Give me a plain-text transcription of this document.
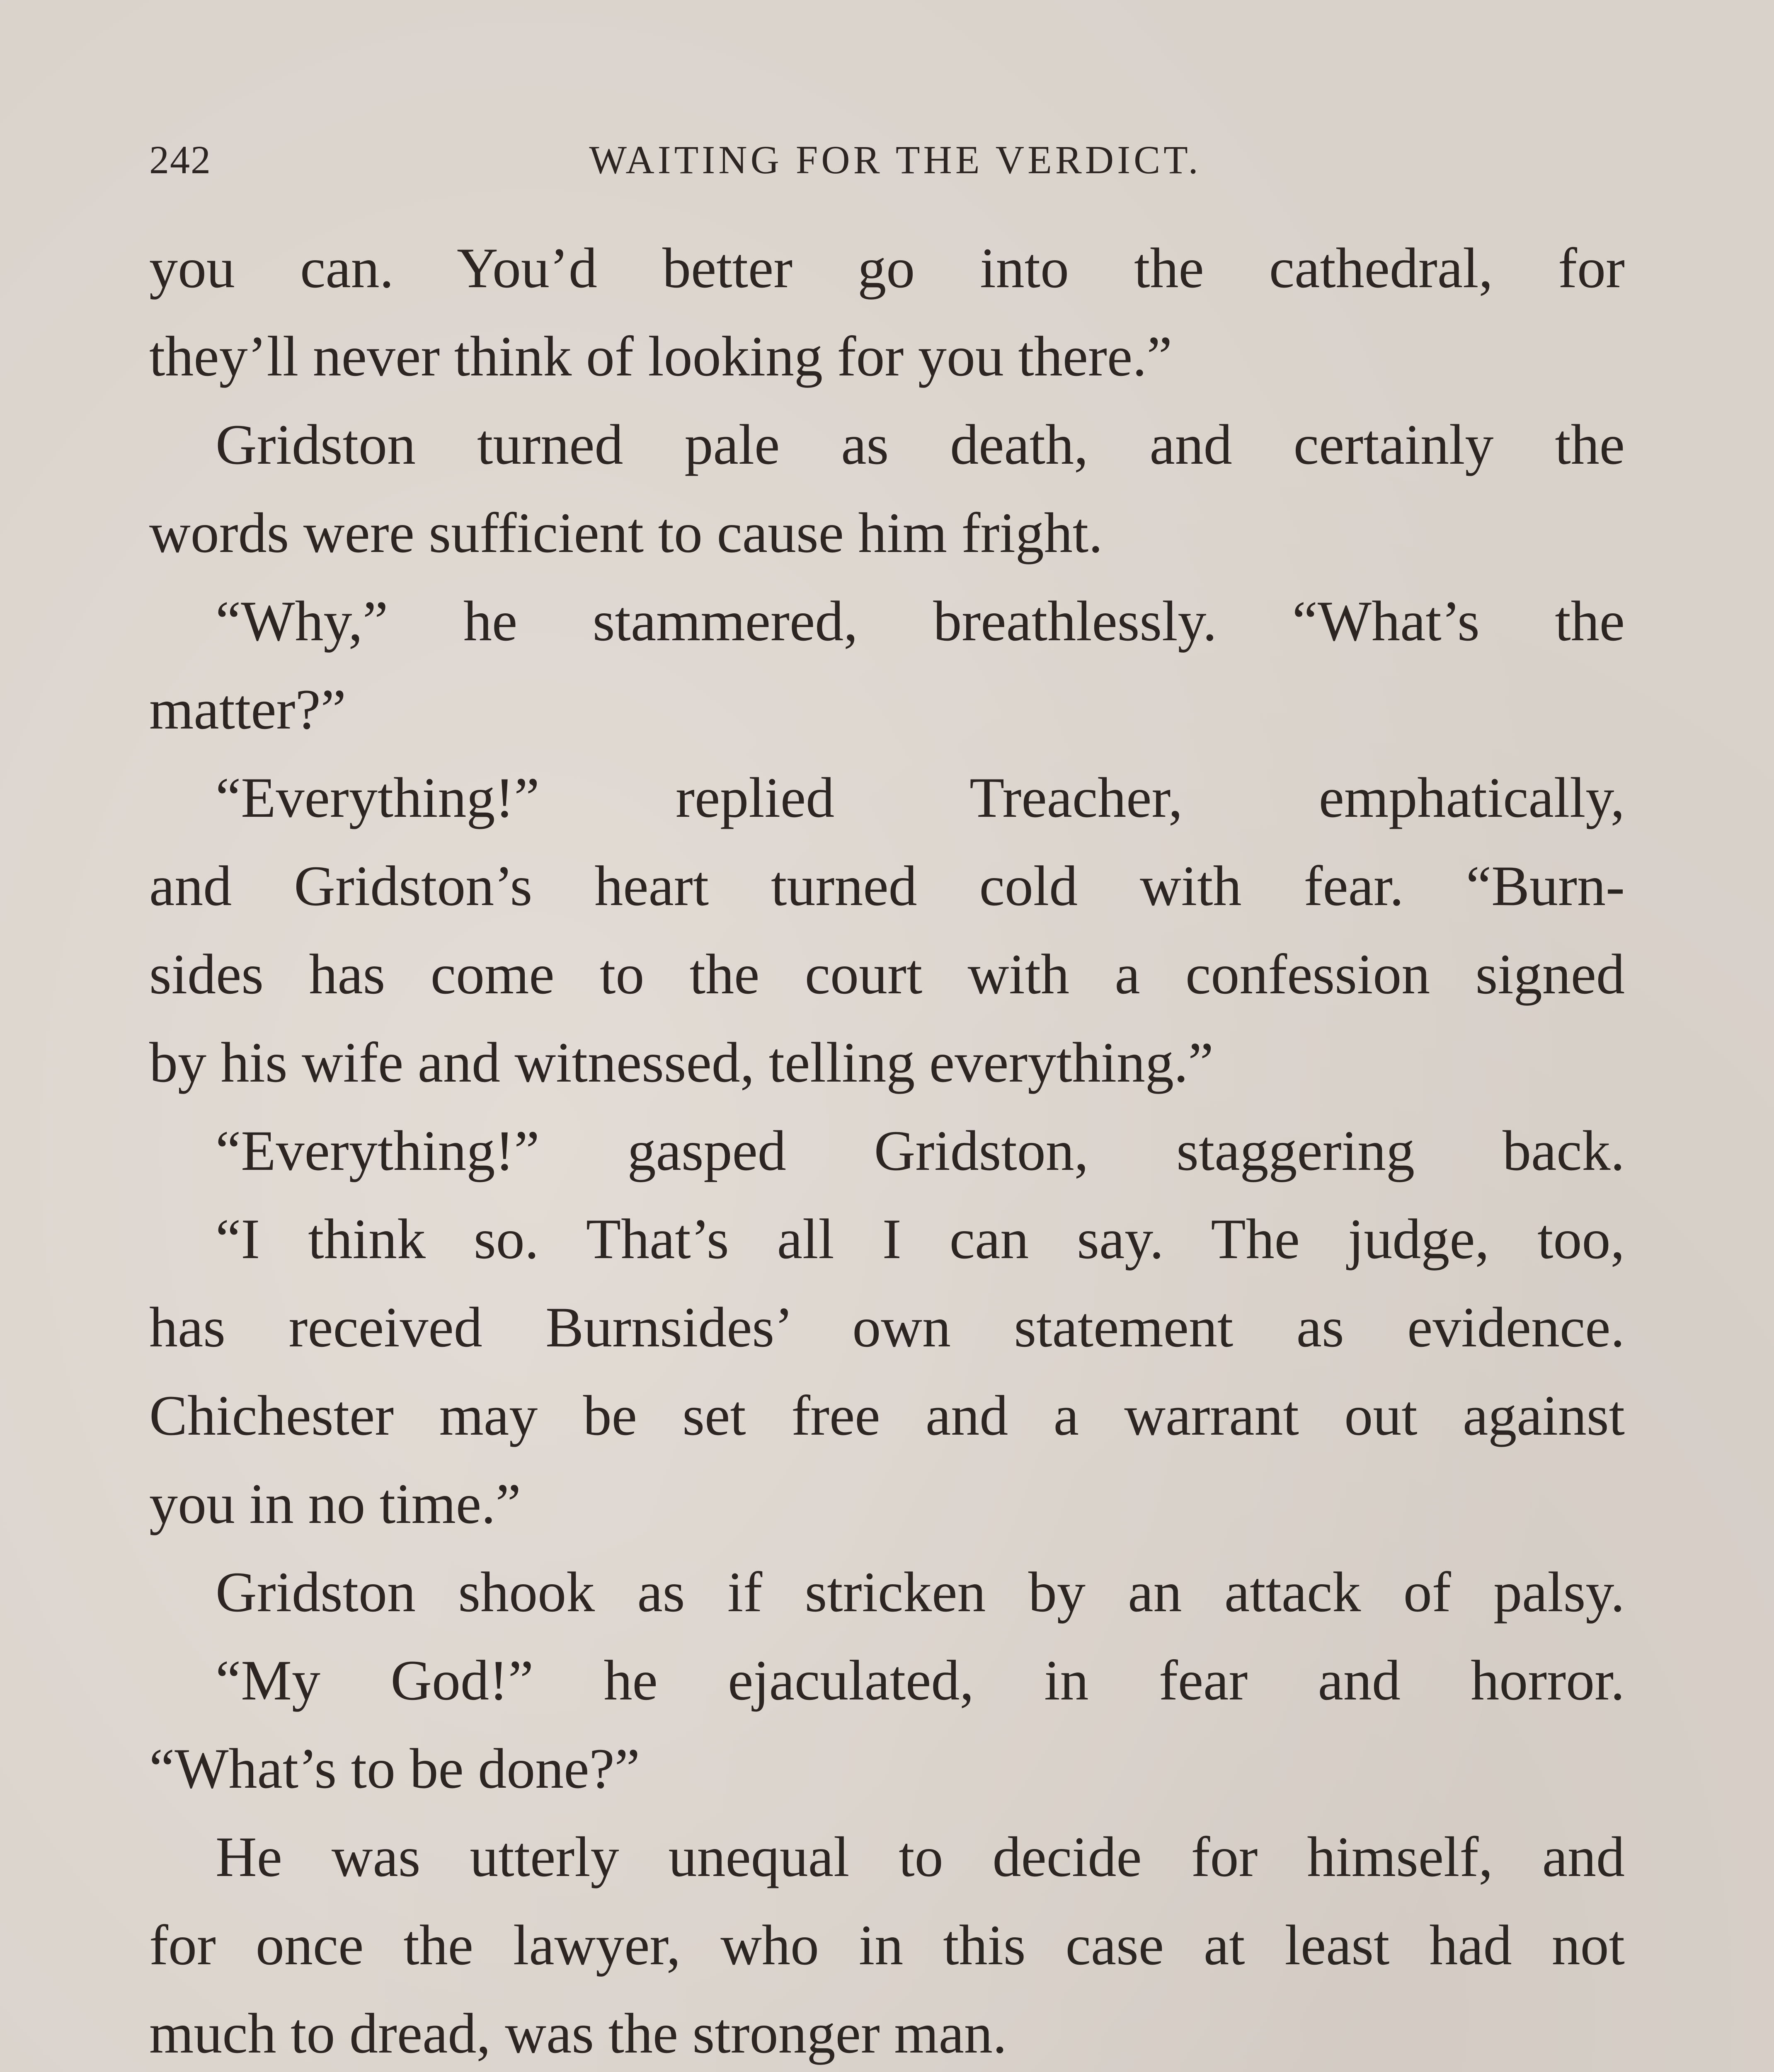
242	WAITING FOR THE VERDICT.
you can. You’d better go into the cathedral, for
they’ll never think of looking for you there.”
Gridston turned pale as death, and certainly the
words were sufficient to cause him fright.
“Why,” he stammered, breathlessly. “What’s the
matter?”
“Everything!” replied Treacher, emphatically,
and Gridston’s heart turned cold with fear. “Burn-
sides has come to the court with a confession signed
by his wife and witnessed, telling everything.”
“Everything!” gasped Gridston, staggering back.
“I think so. That’s all I can say. The judge, too,
has received Burnsides’ own statement as evidence.
Chichester may be set free and a warrant out against
you in no time.”
Gridston shook as if stricken by an attack of palsy.
“My God!” he ejaculated, in fear and horror.
“What’s to be done?”
He was utterly unequal to decide for himself, and
for once the lawyer, who in this case at least had not
much to dread, was the stronger man.
